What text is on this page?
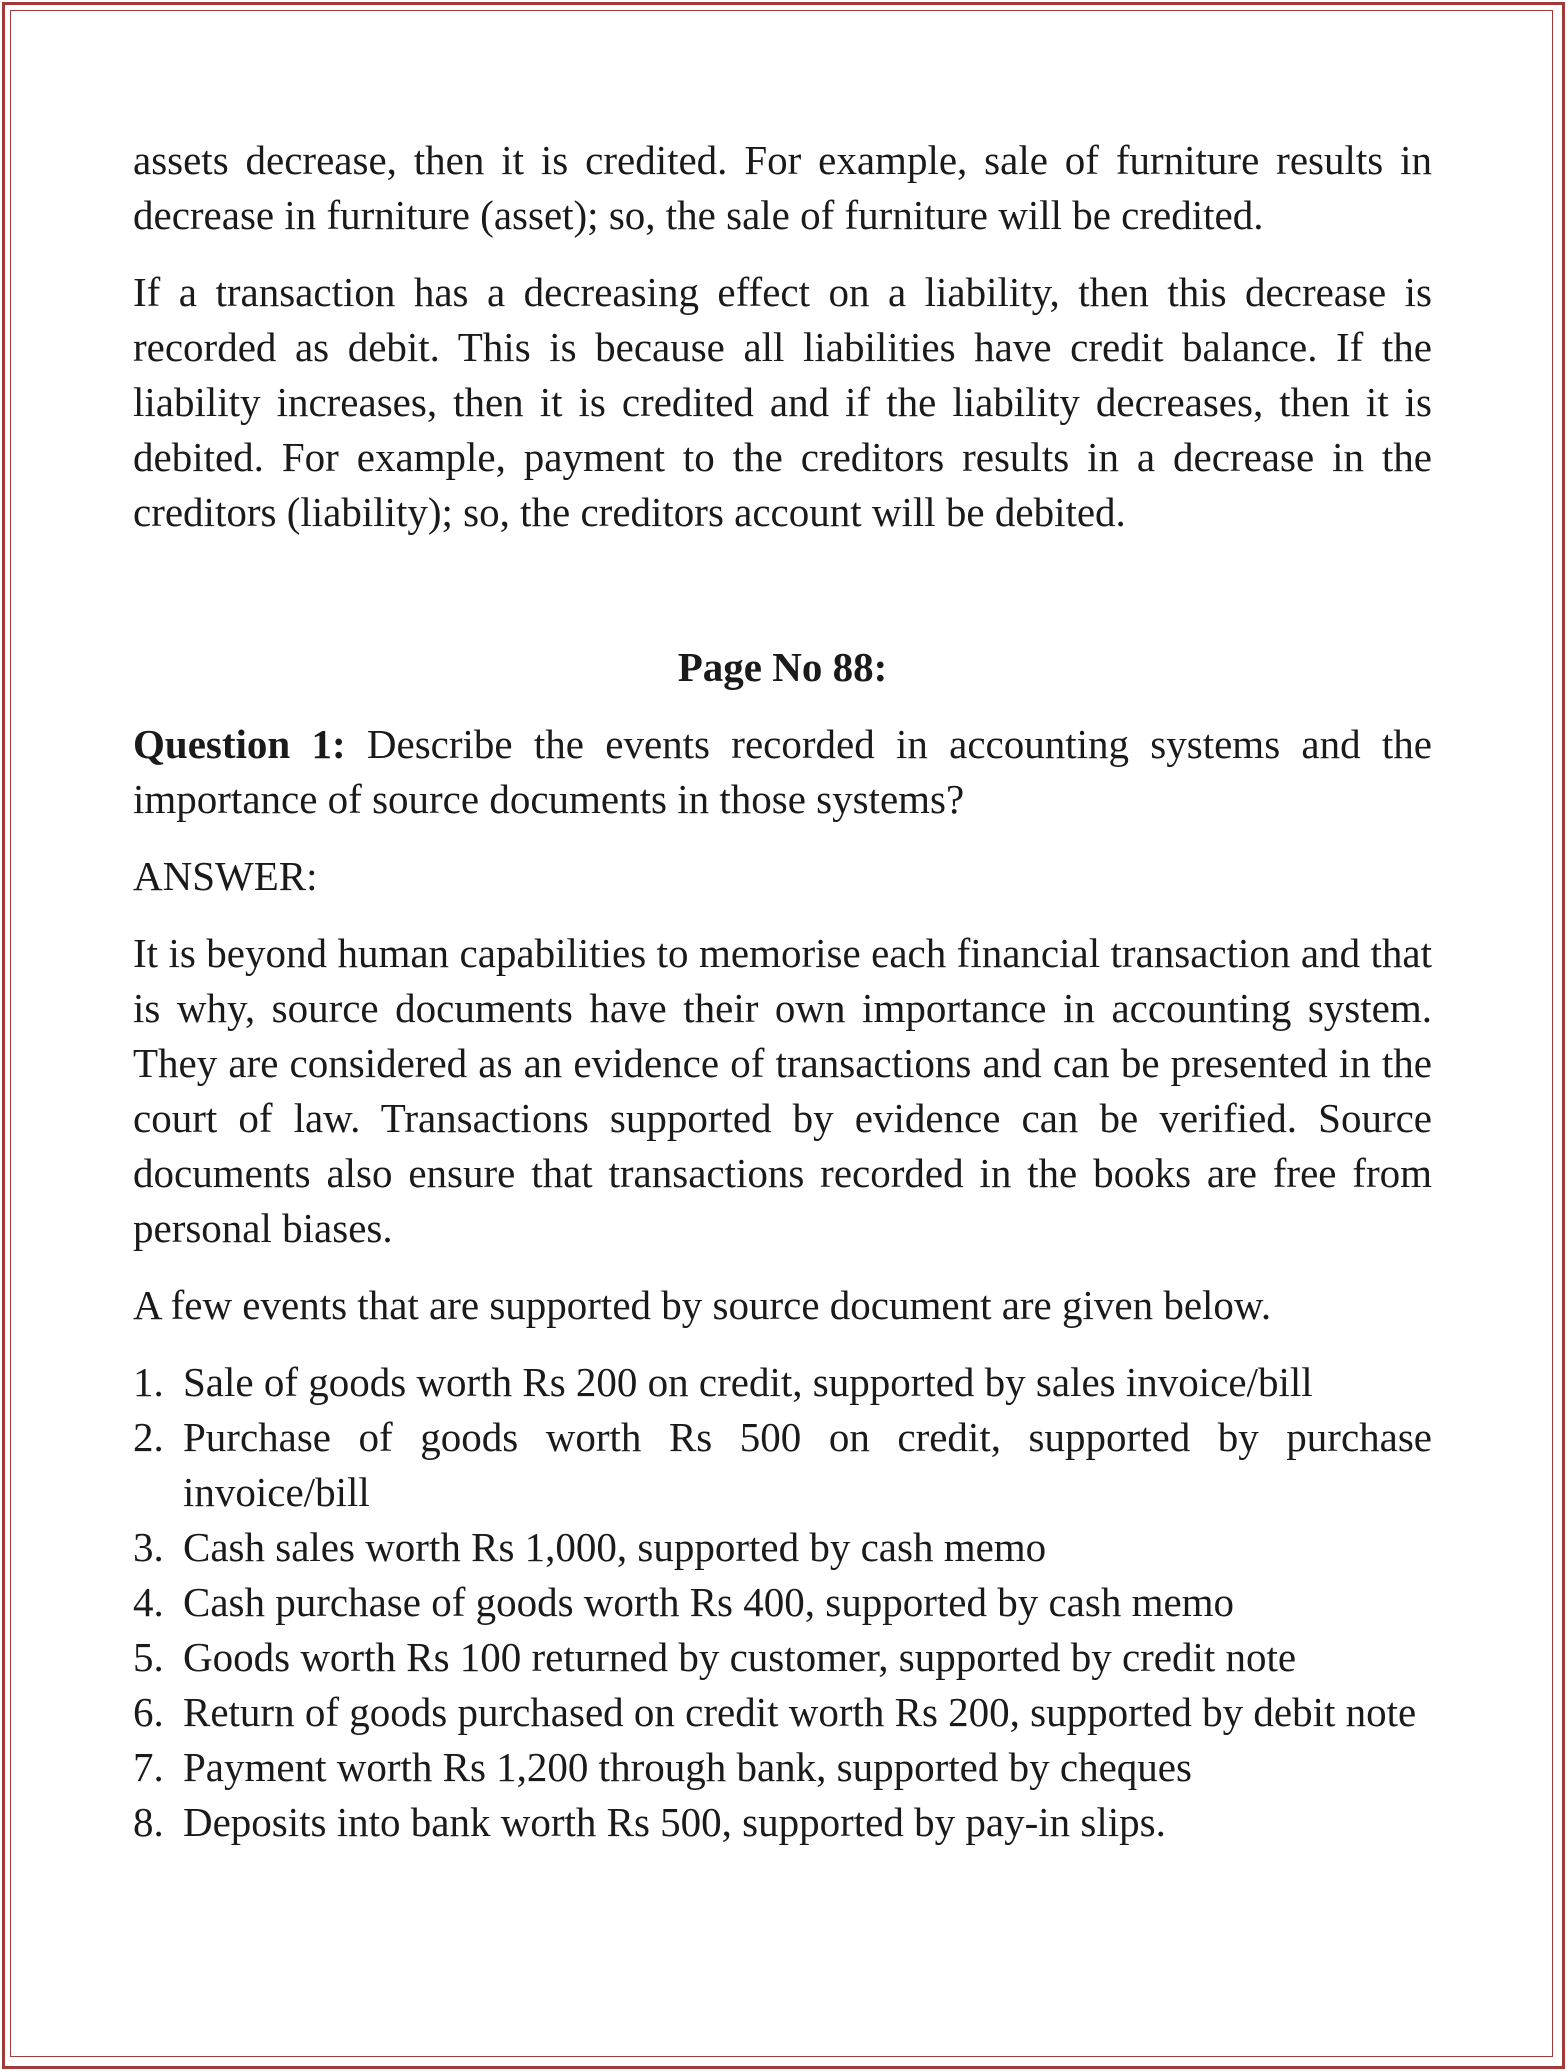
assets decrease, then it is credited. For example, sale of furniture results in decrease in furniture (asset); so, the sale of furniture will be credited.

If a transaction has a decreasing effect on a liability, then this decrease is recorded as debit. This is because all liabilities have credit balance. If the liability increases, then it is credited and if the liability decreases, then it is debited. For example, payment to the creditors results in a decrease in the creditors (liability); so, the creditors account will be debited.

Page No 88:

Question 1: Describe the events recorded in accounting systems and the importance of source documents in those systems?

ANSWER:

It is beyond human capabilities to memorise each financial transaction and that is why, source documents have their own importance in accounting system. They are considered as an evidence of transactions and can be presented in the court of law. Transactions supported by evidence can be verified. Source documents also ensure that transactions recorded in the books are free from personal biases.

A few events that are supported by source document are given below.

1. Sale of goods worth Rs 200 on credit, supported by sales invoice/bill
2. Purchase of goods worth Rs 500 on credit, supported by purchase invoice/bill
3. Cash sales worth Rs 1,000, supported by cash memo
4. Cash purchase of goods worth Rs 400, supported by cash memo
5. Goods worth Rs 100 returned by customer, supported by credit note
6. Return of goods purchased on credit worth Rs 200, supported by debit note
7. Payment worth Rs 1,200 through bank, supported by cheques
8. Deposits into bank worth Rs 500, supported by pay-in slips.
